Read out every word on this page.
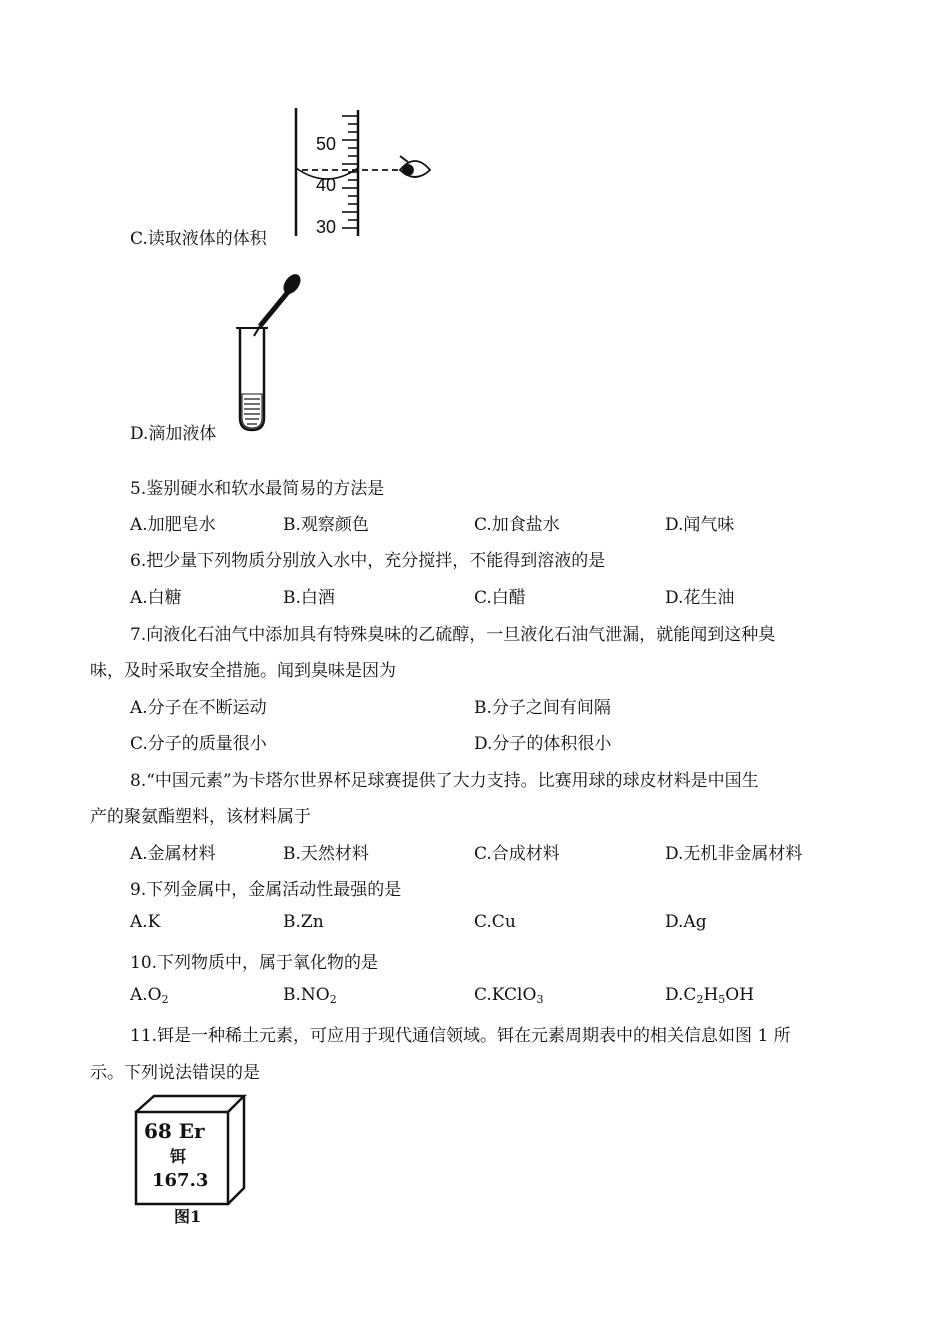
50
40
30
C.读取液体的体积
D.滴加液体
5.鉴别硬水和软水最简易的方法是
A.加肥皂水	B.观察颜色	C.加食盐水	D.闻气味
6.把少量下列物质分别放入水中，充分搅拌，不能得到溶液的是
A.白糖	B.白酒	C.白醋	D.花生油
7.向液化石油气中添加具有特殊臭味的乙硫醇，一旦液化石油气泄漏，就能闻到这种臭
味，及时采取安全措施。闻到臭味是因为
A.分子在不断运动	B.分子之间有间隔
C.分子的质量很小	D.分子的体积很小
8.“中国元素”为卡塔尔世界杯足球赛提供了大力支持。比赛用球的球皮材料是中国生
产的聚氨酯塑料，该材料属于
A.金属材料	B.天然材料	C.合成材料	D.无机非金属材料
9.下列金属中，金属活动性最强的是
A.K	B.Zn	C.Cu	D.Ag
10.下列物质中，属于氧化物的是
$A.O_2$	$B.NO_2$	C.KClO$_3$	$D.C_2H_5OH$
11.铒是一种稀土元素，可应用于现代通信领域。铒在元素周期表中的相关信息如图 1 所
示。下列说法错误的是
68 Er
铒
167.3
图1
